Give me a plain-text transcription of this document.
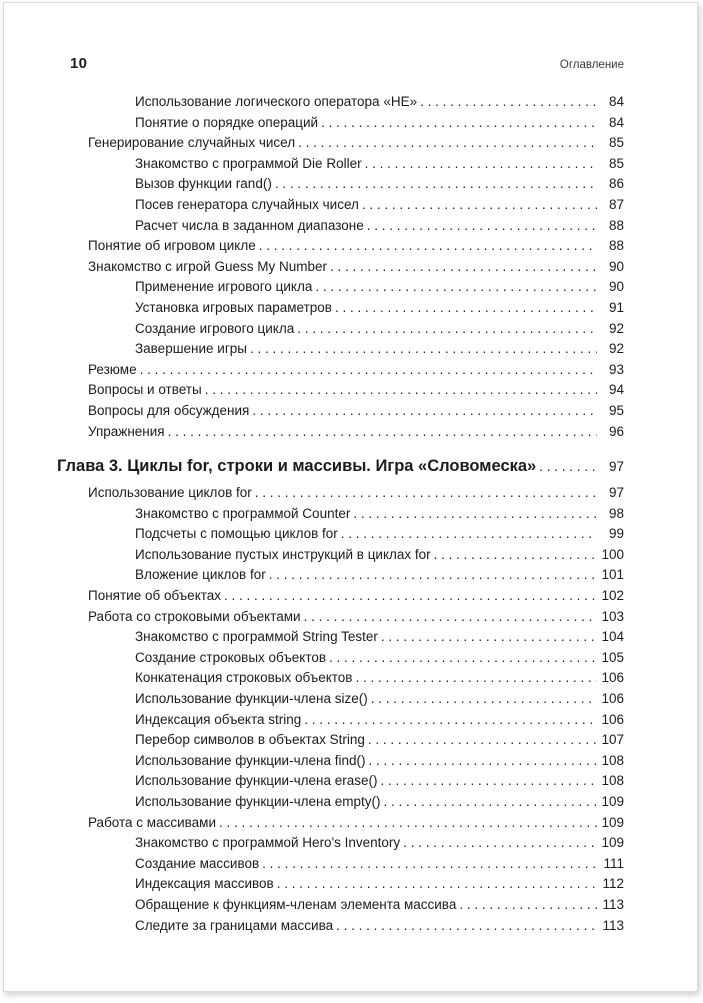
10	Оглавление
Использование логического оператора «НЕ» . . .	84
Понятие о порядке операций . . .	84
Генерирование случайных чисел . . .	85
Знакомство с программой Die Roller . . .	85
Вызов функции rand() . . .	86
Посев генератора случайных чисел . . .	87
Расчет числа в заданном диапазоне . . .	88
Понятие об игровом цикле . . .	88
Знакомство с игрой Guess My Number . . .	90
Применение игрового цикла . . .	90
Установка игровых параметров . . .	91
Создание игрового цикла . . .	92
Завершение игры . . .	92
Резюме . . .	93
Вопросы и ответы . . .	94
Вопросы для обсуждения . . .	95
Упражнения . . .	96
Глава 3. Циклы for, строки и массивы. Игра «Словомеска» . . .	97
Использование циклов for . . .	97
Знакомство с программой Counter . . .	98
Подсчеты с помощью циклов for . . .	99
Использование пустых инструкций в циклах for . . .	100
Вложение циклов for . . .	101
Понятие об объектах . . .	102
Работа со строковыми объектами . . .	103
Знакомство с программой String Tester . . .	104
Создание строковых объектов . . .	105
Конкатенация строковых объектов . . .	106
Использование функции-члена size() . . .	106
Индексация объекта string . . .	106
Перебор символов в объектах String . . .	107
Использование функции-члена find() . . .	108
Использование функции-члена erase() . . .	108
Использование функции-члена empty() . . .	109
Работа с массивами . . .	109
Знакомство с программой Hero's Inventory . . .	109
Создание массивов . . .	111
Индексация массивов . . .	112
Обращение к функциям-членам элемента массива . . .	113
Следите за границами массива . . .	113
